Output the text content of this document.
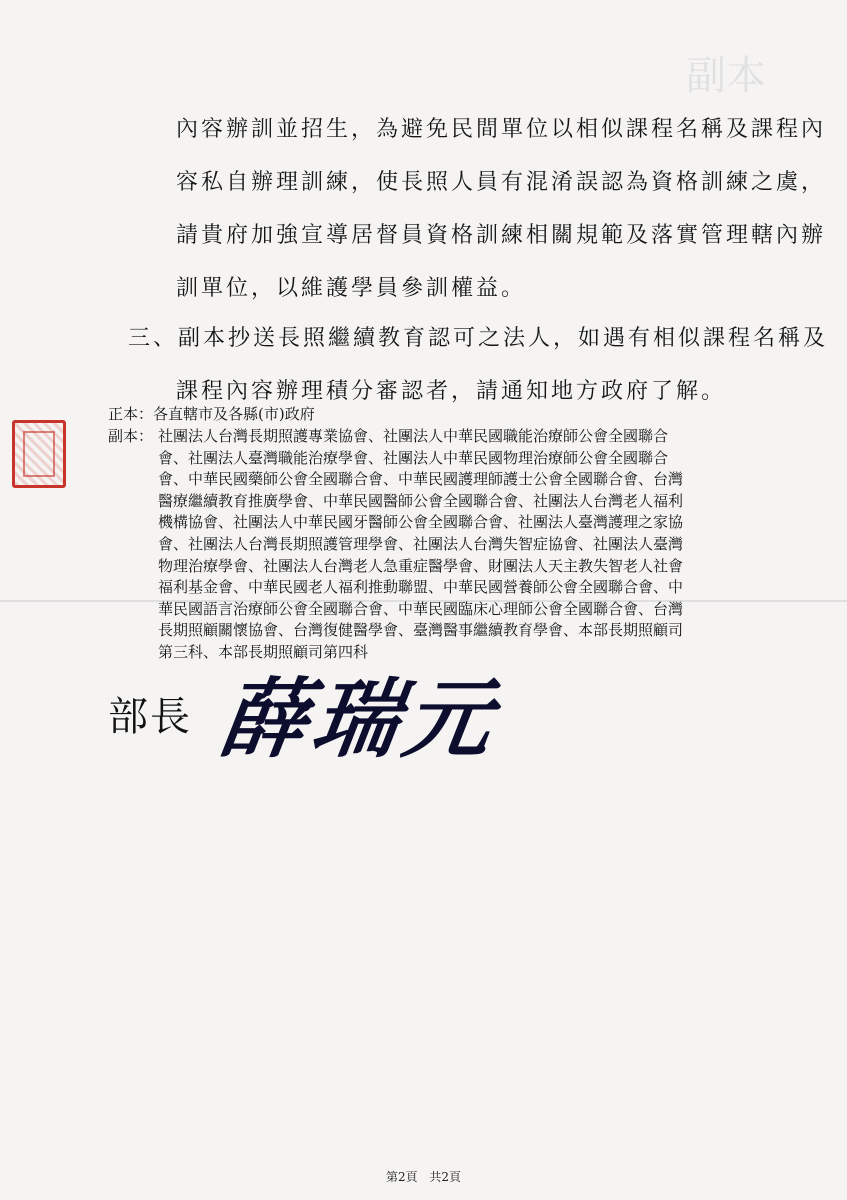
副本
內容辦訓並招生，為避免民間單位以相似課程名稱及課程內
容私自辦理訓練，使長照人員有混淆誤認為資格訓練之虞，
請貴府加強宣導居督員資格訓練相關規範及落實管理轄內辦
訓單位，以維護學員參訓權益。
三、副本抄送長照繼續教育認可之法人，如遇有相似課程名稱及
課程內容辦理積分審認者，請通知地方政府了解。
正本：各直轄市及各縣(市)政府
副本： 社團法人台灣長期照護專業協會、社團法人中華民國職能治療師公會全國聯合
會、社團法人臺灣職能治療學會、社團法人中華民國物理治療師公會全國聯合
會、中華民國藥師公會全國聯合會、中華民國護理師護士公會全國聯合會、台灣
醫療繼續教育推廣學會、中華民國醫師公會全國聯合會、社團法人台灣老人福利
機構協會、社團法人中華民國牙醫師公會全國聯合會、社團法人臺灣護理之家協
會、社團法人台灣長期照護管理學會、社團法人台灣失智症協會、社團法人臺灣
物理治療學會、社團法人台灣老人急重症醫學會、財團法人天主教失智老人社會
福利基金會、中華民國老人福利推動聯盟、中華民國營養師公會全國聯合會、中
華民國語言治療師公會全國聯合會、中華民國臨床心理師公會全國聯合會、台灣
長期照顧關懷協會、台灣復健醫學會、臺灣醫事繼續教育學會、本部長期照顧司
第三科、本部長期照顧司第四科
部長 薛瑞元
第2頁 共2頁
